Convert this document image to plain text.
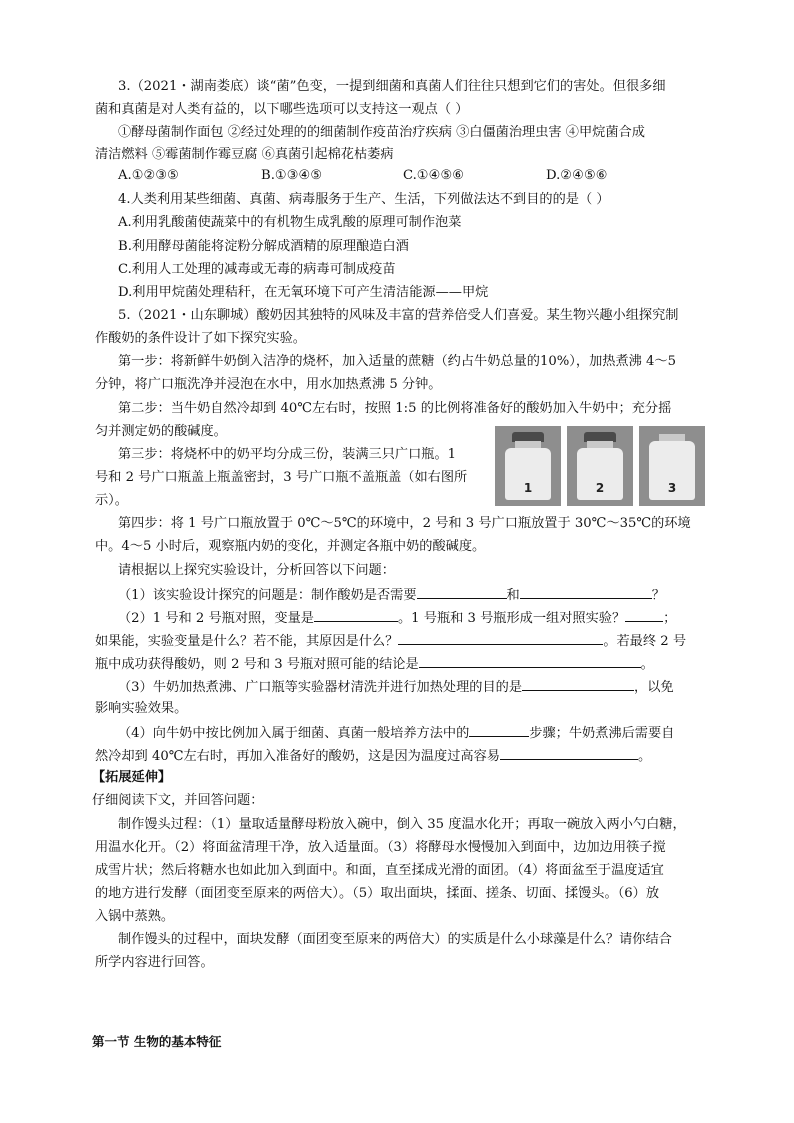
3.（2021・湖南娄底）谈“菌”色变，一提到细菌和真菌人们往往只想到它们的害处。但很多细
菌和真菌是对人类有益的，以下哪些选项可以支持这一观点（ ）
①酵母菌制作面包 ②经过处理的的细菌制作疫苗治疗疾病 ③白僵菌治理虫害 ④甲烷菌合成
清洁燃料 ⑤霉菌制作霉豆腐 ⑥真菌引起棉花枯萎病
A.①②③⑤	B.①③④⑤	C.①④⑤⑥	D.②④⑤⑥
4.人类利用某些细菌、真菌、病毒服务于生产、生活，下列做法达不到目的的是（ ）
A.利用乳酸菌使蔬菜中的有机物生成乳酸的原理可制作泡菜
B.利用酵母菌能将淀粉分解成酒精的原理酿造白酒
C.利用人工处理的减毒或无毒的病毒可制成疫苗
D.利用甲烷菌处理秸秆，在无氧环境下可产生清洁能源——甲烷
5.（2021・山东聊城）酸奶因其独特的风味及丰富的营养倍受人们喜爱。某生物兴趣小组探究制
作酸奶的条件设计了如下探究实验。
第一步：将新鲜牛奶倒入洁净的烧杯，加入适量的蔗糖（约占牛奶总量的10%），加热煮沸 4～5
分钟，将广口瓶洗净并浸泡在水中，用水加热煮沸 5 分钟。
第二步：当牛奶自然冷却到 40℃左右时，按照 1:5 的比例将准备好的酸奶加入牛奶中；充分摇
匀并测定奶的酸碱度。
第三步：将烧杯中的奶平均分成三份，装满三只广口瓶。1
号和 2 号广口瓶盖上瓶盖密封，3 号广口瓶不盖瓶盖（如右图所
示）。
1	2	3
第四步：将 1 号广口瓶放置于 0℃～5℃的环境中，2 号和 3 号广口瓶放置于 30℃～35℃的环境
中。4～5 小时后，观察瓶内奶的变化，并测定各瓶中奶的酸碱度。
请根据以上探究实验设计，分析回答以下问题：
（1）该实验设计探究的问题是：制作酸奶是否需要	和	？
（2）1 号和 2 号瓶对照，变量是	。1 号瓶和 3 号瓶形成一组对照实验？	；
如果能，实验变量是什么？若不能，其原因是什么？	。若最终 2 号
瓶中成功获得酸奶，则 2 号和 3 号瓶对照可能的结论是	。
（3）牛奶加热煮沸、广口瓶等实验器材清洗并进行加热处理的目的是	，以免
影响实验效果。
（4）向牛奶中按比例加入属于细菌、真菌一般培养方法中的	步骤；牛奶煮沸后需要自
然冷却到 40℃左右时，再加入准备好的酸奶，这是因为温度过高容易	。
【拓展延伸】
仔细阅读下文，并回答问题：
制作馒头过程：（1）量取适量酵母粉放入碗中，倒入 35 度温水化开；再取一碗放入两小勺白糖，
用温水化开。（2）将面盆清理干净，放入适量面。（3）将酵母水慢慢加入到面中，边加边用筷子搅
成雪片状；然后将糖水也如此加入到面中。和面，直至揉成光滑的面团。（4）将面盆至于温度适宜
的地方进行发酵（面团变至原来的两倍大）。（5）取出面块，揉面、搓条、切面、揉馒头。（6）放
入锅中蒸熟。
制作馒头的过程中，面块发酵（面团变至原来的两倍大）的实质是什么小球藻是什么？请你结合
所学内容进行回答。
第一节 生物的基本特征
